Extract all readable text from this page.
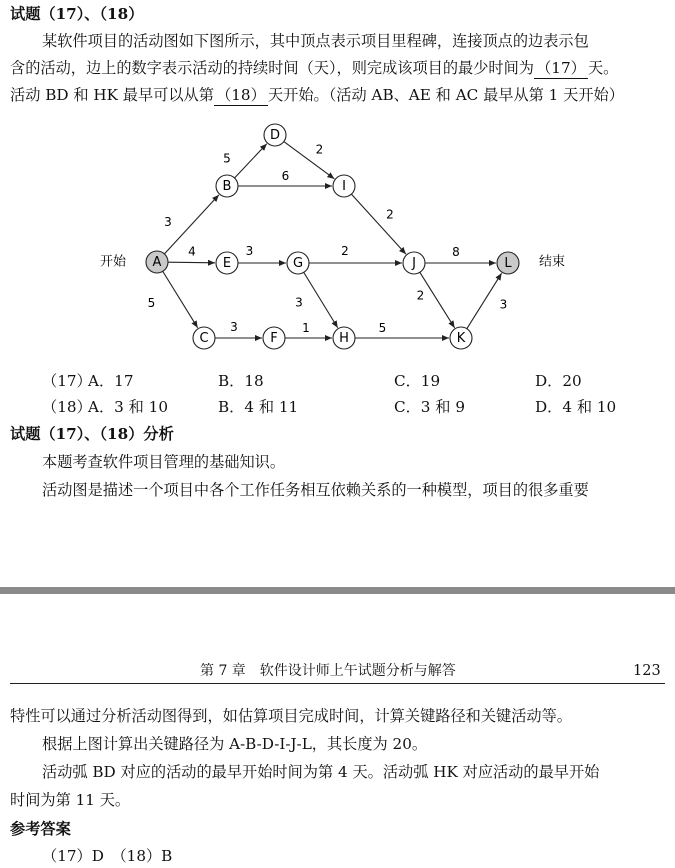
试题（17）、（18）
某软件项目的活动图如下图所示，其中顶点表示项目里程碑，连接顶点的边表示包
含的活动，边上的数字表示活动的持续时间（天），则完成该项目的最少时间为 （17） 天。
活动 BD 和 HK 最早可以从第 （18） 天开始。（活动 AB、AE 和 AC 最早从第 1 天开始）
3
4
5
5
6
2
3
3	1
2
3
2
5
8
2
3
A
B
C
D
E
F
G
H
I
J
K
L
开始	结束
（17）
A．17	B．18	C．19	D．20
（18）
A．3 和 10	B．4 和 11	C．3 和 9	D．4 和 10
试题（17）、（18）分析
本题考查软件项目管理的基础知识。
活动图是描述一个项目中各个工作任务相互依赖关系的一种模型，项目的很多重要
第 7 章　软件设计师上午试题分析与解答	123
特性可以通过分析活动图得到，如估算项目完成时间，计算关键路径和关键活动等。
根据上图计算出关键路径为 A-B-D-I-J-L，其长度为 20。
活动弧 BD 对应的活动的最早开始时间为第 4 天。活动弧 HK 对应活动的最早开始
时间为第 11 天。
参考答案
（17）D　（18）B
